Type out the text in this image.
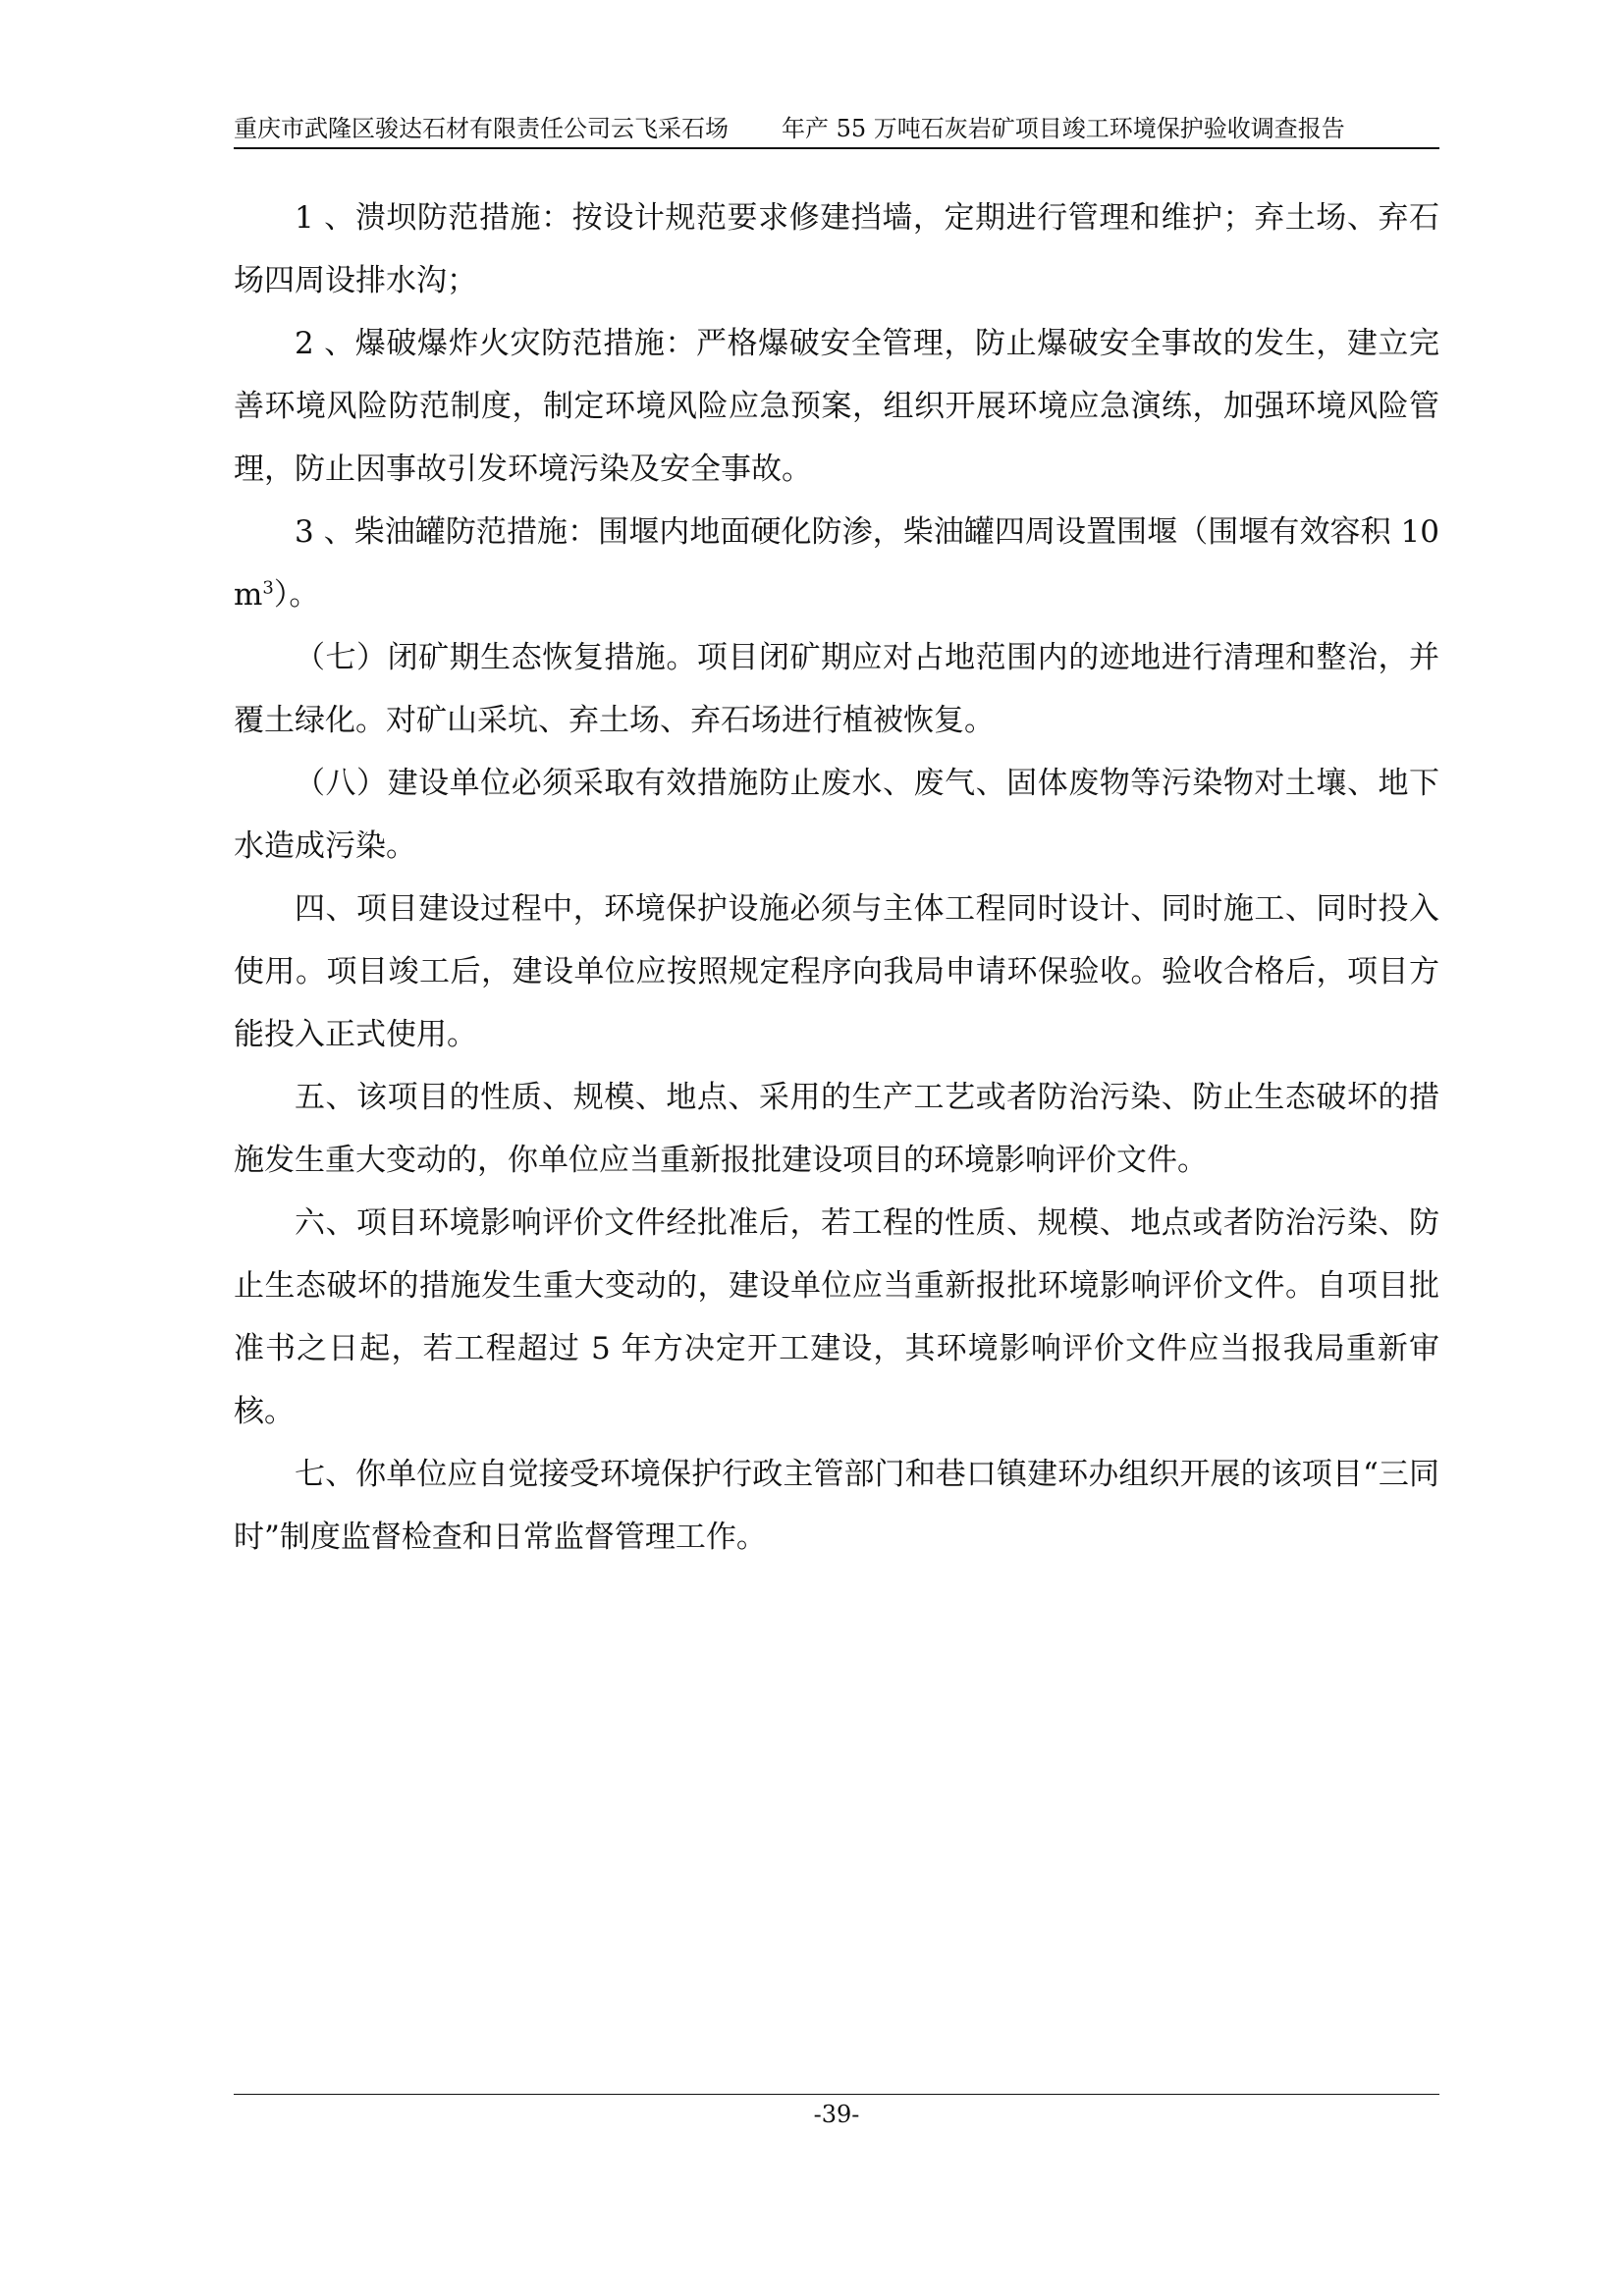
重庆市武隆区骏达石材有限责任公司云飞采石场 年产 55 万吨石灰岩矿项目竣工环境保护验收调查报告

1 、溃坝防范措施：按设计规范要求修建挡墙，定期进行管理和维护；弃土场、弃石场四周设排水沟；

2 、爆破爆炸火灾防范措施：严格爆破安全管理，防止爆破安全事故的发生，建立完善环境风险防范制度，制定环境风险应急预案，组织开展环境应急演练，加强环境风险管理，防止因事故引发环境污染及安全事故。

3 、柴油罐防范措施：围堰内地面硬化防渗，柴油罐四周设置围堰（围堰有效容积 $10m^3$）。

（七）闭矿期生态恢复措施。项目闭矿期应对占地范围内的迹地进行清理和整治，并覆土绿化。对矿山采坑、弃土场、弃石场进行植被恢复。

（八）建设单位必须采取有效措施防止废水、废气、固体废物等污染物对土壤、地下水造成污染。

四、项目建设过程中，环境保护设施必须与主体工程同时设计、同时施工、同时投入使用。项目竣工后，建设单位应按照规定程序向我局申请环保验收。验收合格后，项目方能投入正式使用。

五、该项目的性质、规模、地点、采用的生产工艺或者防治污染、防止生态破坏的措施发生重大变动的，你单位应当重新报批建设项目的环境影响评价文件。

六、项目环境影响评价文件经批准后，若工程的性质、规模、地点或者防治污染、防止生态破坏的措施发生重大变动的，建设单位应当重新报批环境影响评价文件。自项目批准书之日起，若工程超过 5 年方决定开工建设，其环境影响评价文件应当报我局重新审核。

七、你单位应自觉接受环境保护行政主管部门和巷口镇建环办组织开展的该项目“三同时”制度监督检查和日常监督管理工作。

-39-
